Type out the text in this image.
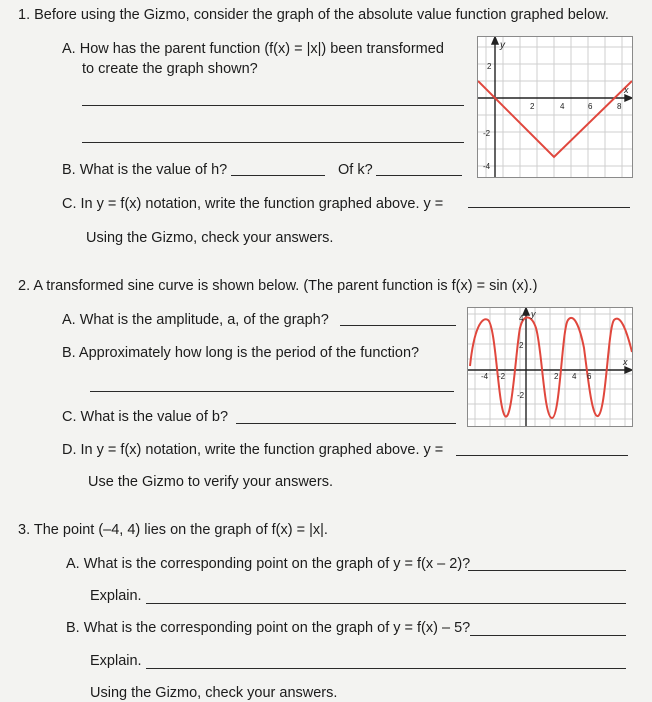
1. Before using the Gizmo, consider the graph of the absolute value function graphed below.
A. How has the parent function (f(x) = |x|) been transformed
to create the graph shown?
B. What is the value of h?	Of k?
C. In y = f(x) notation, write the function graphed above. y =
Using the Gizmo, check your answers.
y
x
2	4	6	8
2
-2
-4
2. A transformed sine curve is shown below. (The parent function is f(x) = sin (x).)
A. What is the amplitude, a, of the graph?
B. Approximately how long is the period of the function?
C. What is the value of b?
D. In y = f(x) notation, write the function graphed above. y =
Use the Gizmo to verify your answers.
y
x
-4 -2	2 4 6
4
2
-2
3. The point (–4, 4) lies on the graph of f(x) = |x|.
A. What is the corresponding point on the graph of y = f(x – 2)?
Explain.
B. What is the corresponding point on the graph of y = f(x) – 5?
Explain.
Using the Gizmo, check your answers.
